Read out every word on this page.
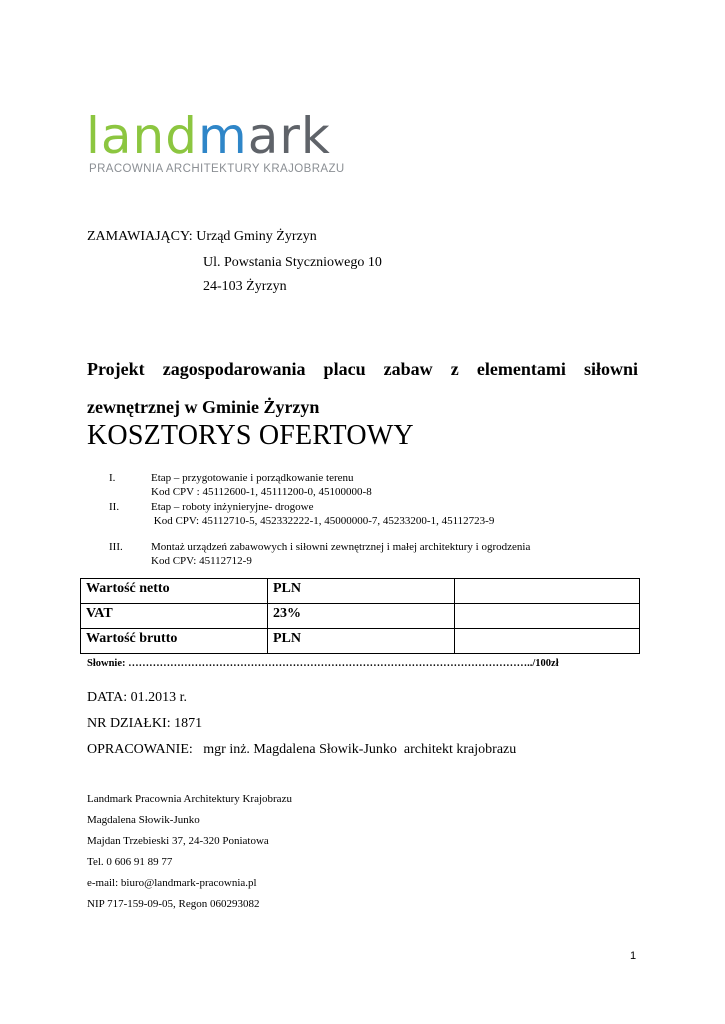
landmark
PRACOWNIA ARCHITEKTURY KRAJOBRAZU
ZAMAWIAJĄCY: Urząd Gminy Żyrzyn
Ul. Powstania Styczniowego 10
24-103 Żyrzyn
Projekt zagospodarowania placu zabaw z elementami siłowni zewnętrznej w Gminie Żyrzyn
KOSZTORYS OFERTOWY
I.	Etap – przygotowanie i porządkowanie terenu
Kod CPV : 45112600-1, 45111200-0, 45100000-8
II.	Etap – roboty inżynieryjne- drogowe
Kod CPV: 45112710-5, 452332222-1, 45000000-7, 45233200-1, 45112723-9
III.	Montaż urządzeń zabawowych i siłowni zewnętrznej i małej architektury i ogrodzenia
Kod CPV: 45112712-9
Wartość netto	PLN	
VAT	23%	
Wartość brutto	PLN	
Słownie: ……………………………………………………………………………………………………../100zł
DATA: 01.2013 r.
NR DZIAŁKI: 1871
OPRACOWANIE:   mgr inż. Magdalena Słowik-Junko  architekt krajobrazu
Landmark Pracownia Architektury Krajobrazu
Magdalena Słowik-Junko
Majdan Trzebieski 37, 24-320 Poniatowa
Tel. 0 606 91 89 77
e-mail: biuro@landmark-pracownia.pl
NIP 717-159-09-05, Regon 060293082
1
